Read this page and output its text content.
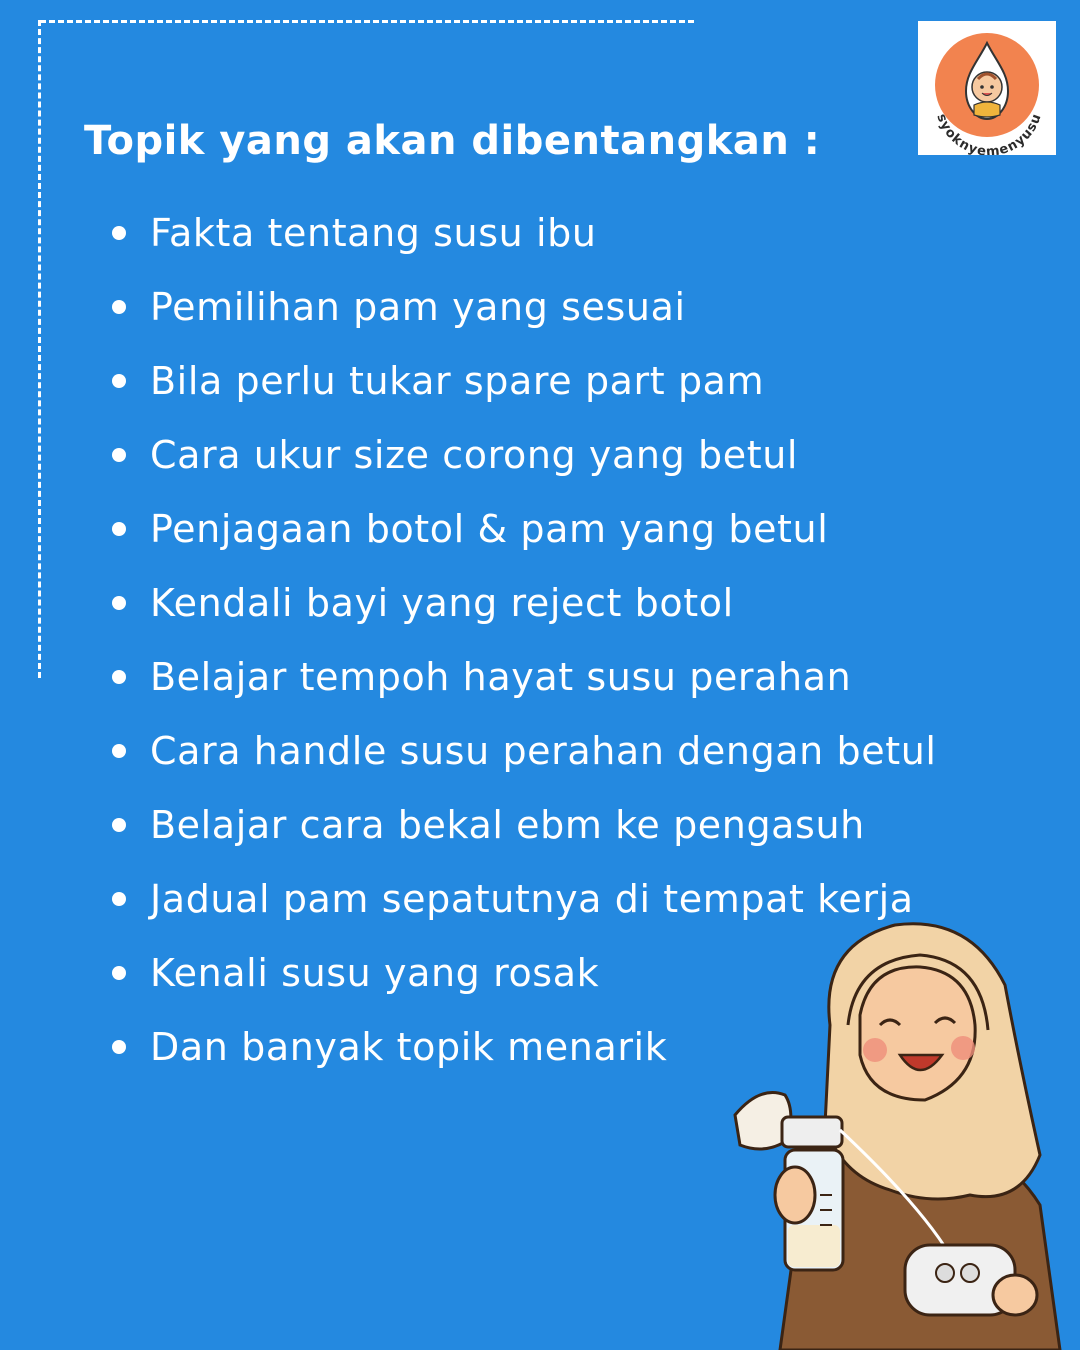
syoknyemenyusu
Topik yang akan dibentangkan :
Fakta tentang susu ibu
Pemilihan pam yang sesuai
Bila perlu tukar spare part pam
Cara ukur size corong yang betul
Penjagaan botol & pam yang betul
Kendali bayi yang reject botol
Belajar tempoh hayat susu perahan
Cara handle susu perahan dengan betul
Belajar cara bekal ebm ke pengasuh
Jadual pam sepatutnya di tempat kerja
Kenali susu yang rosak
Dan banyak topik menarik
